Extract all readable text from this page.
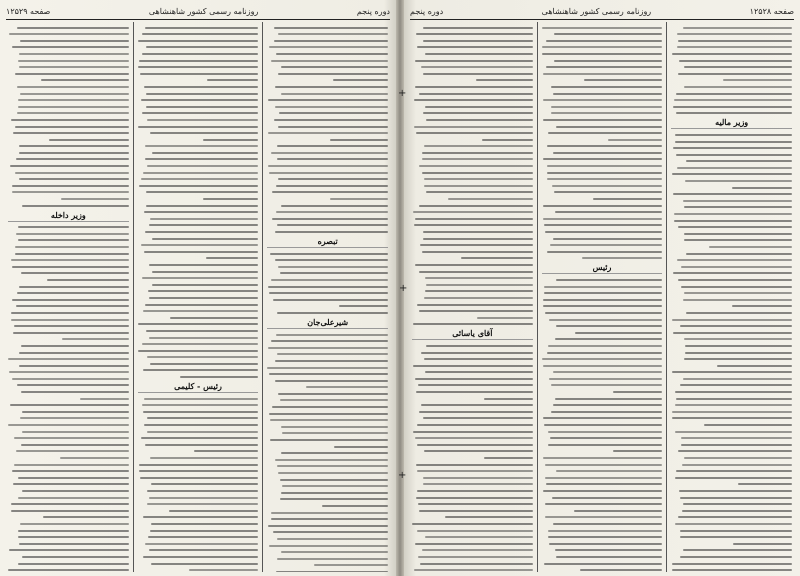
دوره پنجم
روزنامه رسمی کشور شاهنشاهی
صفحه ۱۲۵۲۹
تبصره
شیرعلی‌جان
رئیس - کلیمی
وزیر داخله
صفحه ۱۲۵۲۸
روزنامه رسمی کشور شاهنشاهی
دوره پنجم
وزیر مالیه
رئیس
آقای یاسائی
+
+
+
